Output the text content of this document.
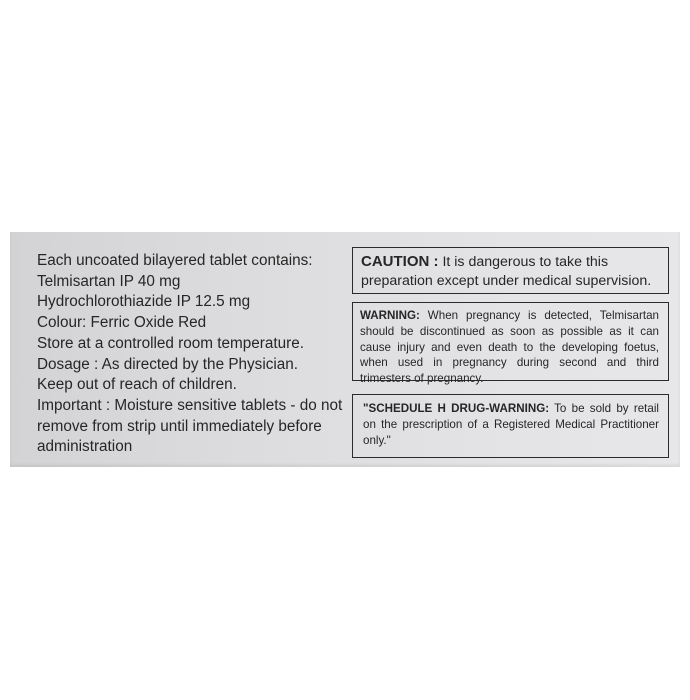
Each uncoated bilayered tablet contains:
Telmisartan IP 40 mg
Hydrochlorothiazide IP 12.5 mg
Colour: Ferric Oxide Red
Store at a controlled room temperature.
Dosage : As directed by the Physician.
Keep out of reach of children.
Important : Moisture sensitive tablets - do not remove from strip until immediately before administration
CAUTION : It is dangerous to take this preparation except under medical supervision.
WARNING: When pregnancy is detected, Telmisartan should be discontinued as soon as possible as it can cause injury and even death to the developing foetus, when used in pregnancy during second and third trimesters of pregnancy.
"SCHEDULE H DRUG-WARNING: To be sold by retail on the prescription of a Registered Medical Practitioner only."
